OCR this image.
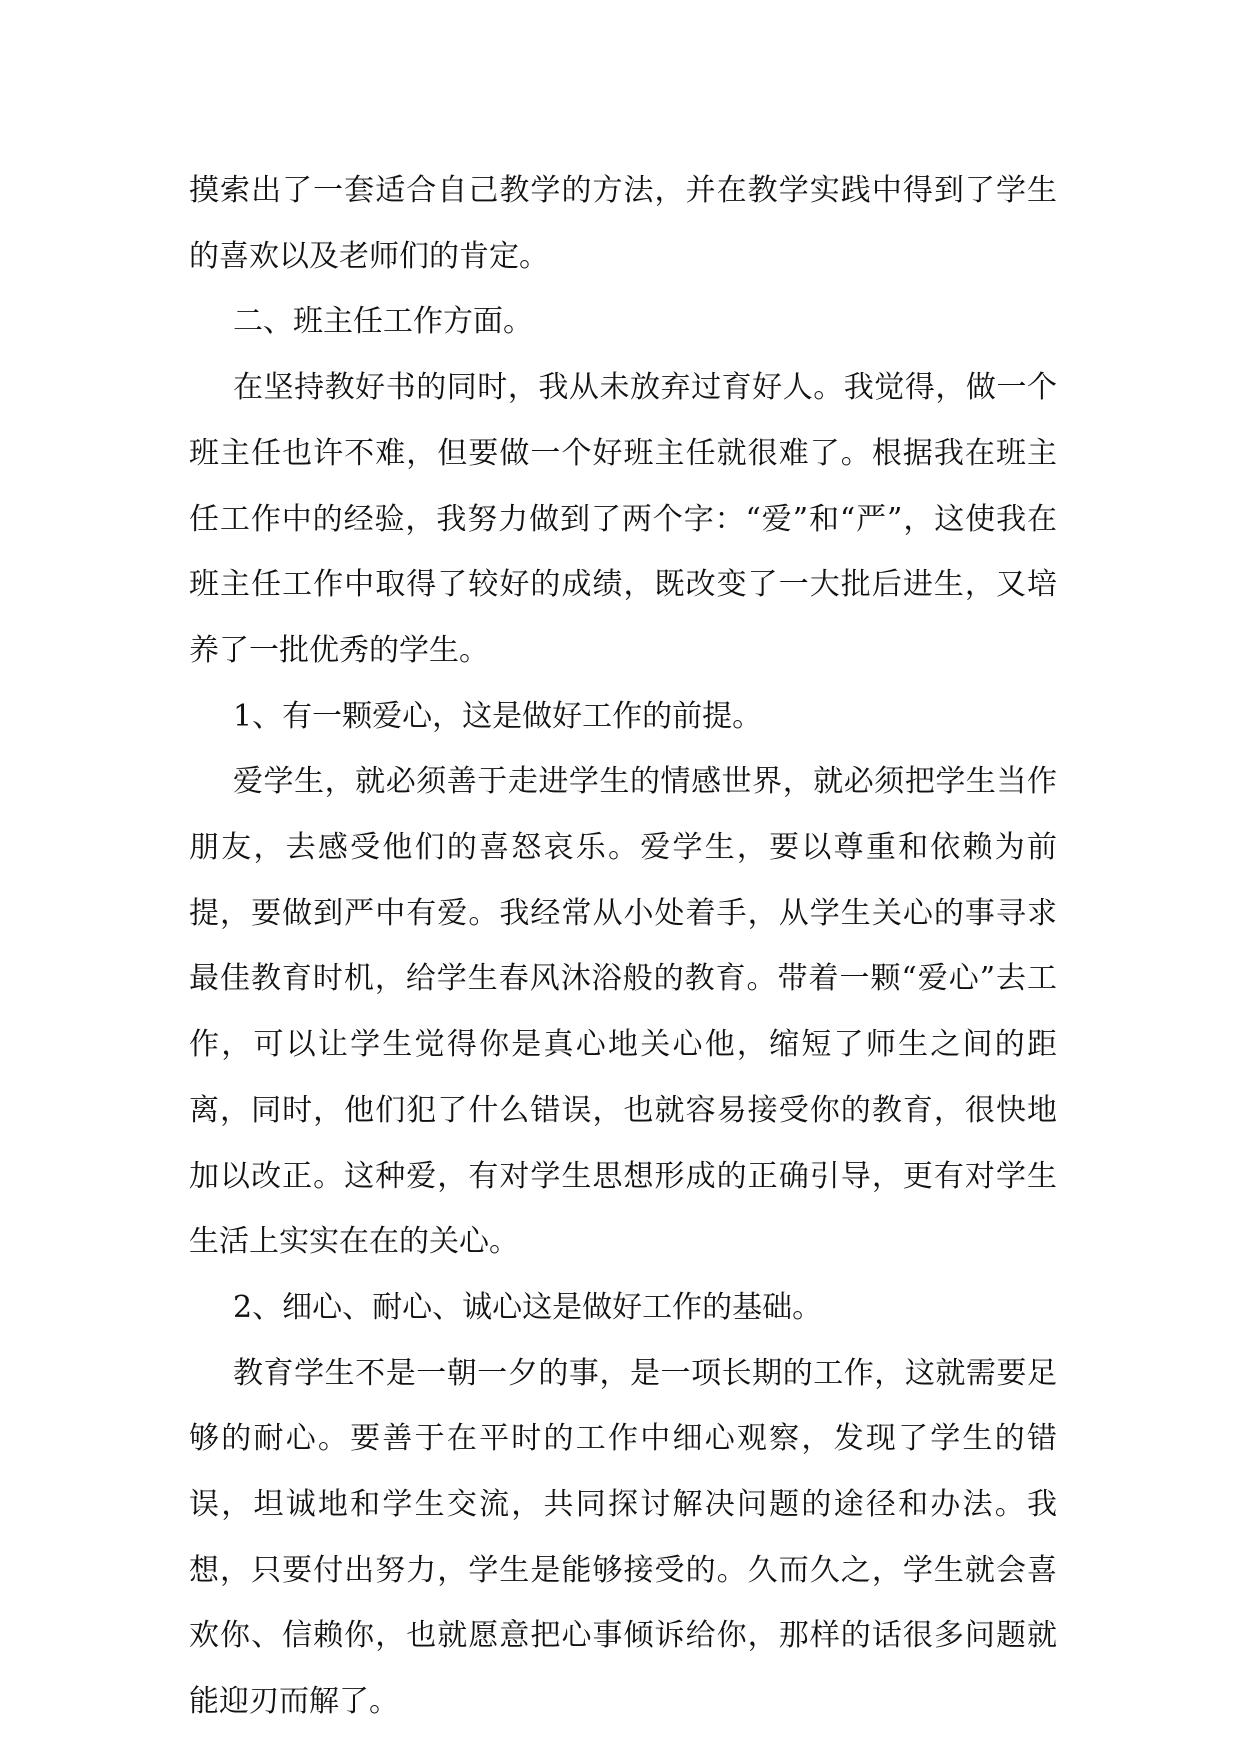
摸索出了一套适合自己教学的方法，并在教学实践中得到了学生的喜欢以及老师们的肯定。

二、班主任工作方面。

在坚持教好书的同时，我从未放弃过育好人。我觉得，做一个班主任也许不难，但要做一个好班主任就很难了。根据我在班主任工作中的经验，我努力做到了两个字：“爱”和“严”，这使我在班主任工作中取得了较好的成绩，既改变了一大批后进生，又培养了一批优秀的学生。

1、有一颗爱心，这是做好工作的前提。

爱学生，就必须善于走进学生的情感世界，就必须把学生当作朋友，去感受他们的喜怒哀乐。爱学生，要以尊重和依赖为前提，要做到严中有爱。我经常从小处着手，从学生关心的事寻求最佳教育时机，给学生春风沐浴般的教育。带着一颗“爱心”去工作，可以让学生觉得你是真心地关心他，缩短了师生之间的距离，同时，他们犯了什么错误，也就容易接受你的教育，很快地加以改正。这种爱，有对学生思想形成的正确引导，更有对学生生活上实实在在的关心。

2、细心、耐心、诚心这是做好工作的基础。

教育学生不是一朝一夕的事，是一项长期的工作，这就需要足够的耐心。要善于在平时的工作中细心观察，发现了学生的错误，坦诚地和学生交流，共同探讨解决问题的途径和办法。我想，只要付出努力，学生是能够接受的。久而久之，学生就会喜欢你、信赖你，也就愿意把心事倾诉给你，那样的话很多问题就能迎刃而解了。
